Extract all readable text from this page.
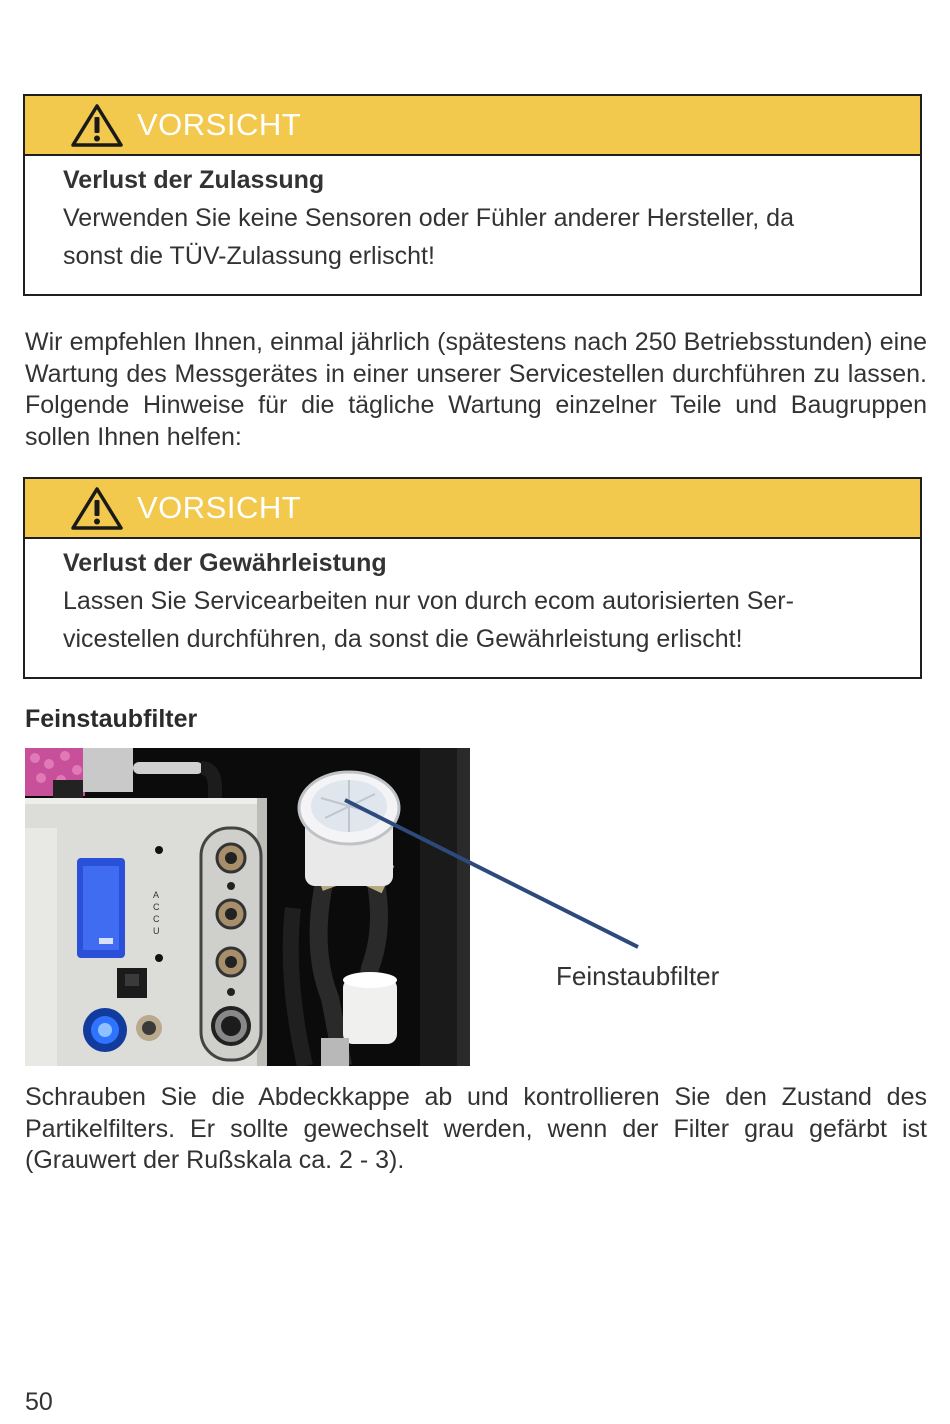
VORSICHT

Verlust der Zulassung

Verwenden Sie keine Sensoren oder Fühler anderer Hersteller, da

sonst die TÜV-Zulassung erlischt!

Wir empfehlen Ihnen, einmal jährlich (spätestens nach 250 Betriebsstunden) eine Wartung des Messgerätes in einer unserer Servicestellen durchführen zu lassen. Folgende Hinweise für die tägliche Wartung einzelner Teile und Baugruppen sollen Ihnen helfen:

VORSICHT

Verlust der Gewährleistung

Lassen Sie Servicearbeiten nur von durch ecom autorisierten Ser-

vicestellen durchführen, da sonst die Gewährleistung erlischt!

Feinstaubfilter
A C C U
Feinstaubfilter

Schrauben Sie die Abdeckkappe ab und kontrollieren Sie den Zustand des Partikelfilters. Er sollte gewechselt werden, wenn der Filter grau gefärbt ist (Grauwert der Rußskala ca. 2 - 3).

50
